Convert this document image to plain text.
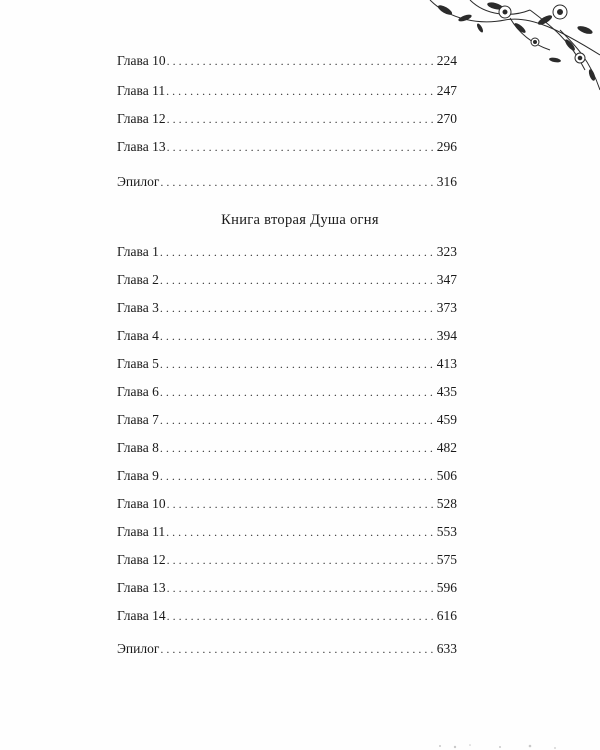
Глава 10 . . .	224
Глава 11 . . .	247
Глава 12 . . .	270
Глава 13 . . .	296
Эпилог . . .	316
Книга вторая Душа огня
Глава 1 . . .	323
Глава 2 . . .	347
Глава 3 . . .	373
Глава 4 . . .	394
Глава 5 . . .	413
Глава 6 . . .	435
Глава 7 . . .	459
Глава 8 . . .	482
Глава 9 . . .	506
Глава 10 . . .	528
Глава 11 . . .	553
Глава 12 . . .	575
Глава 13 . . .	596
Глава 14 . . .	616
Эпилог . . .	633
